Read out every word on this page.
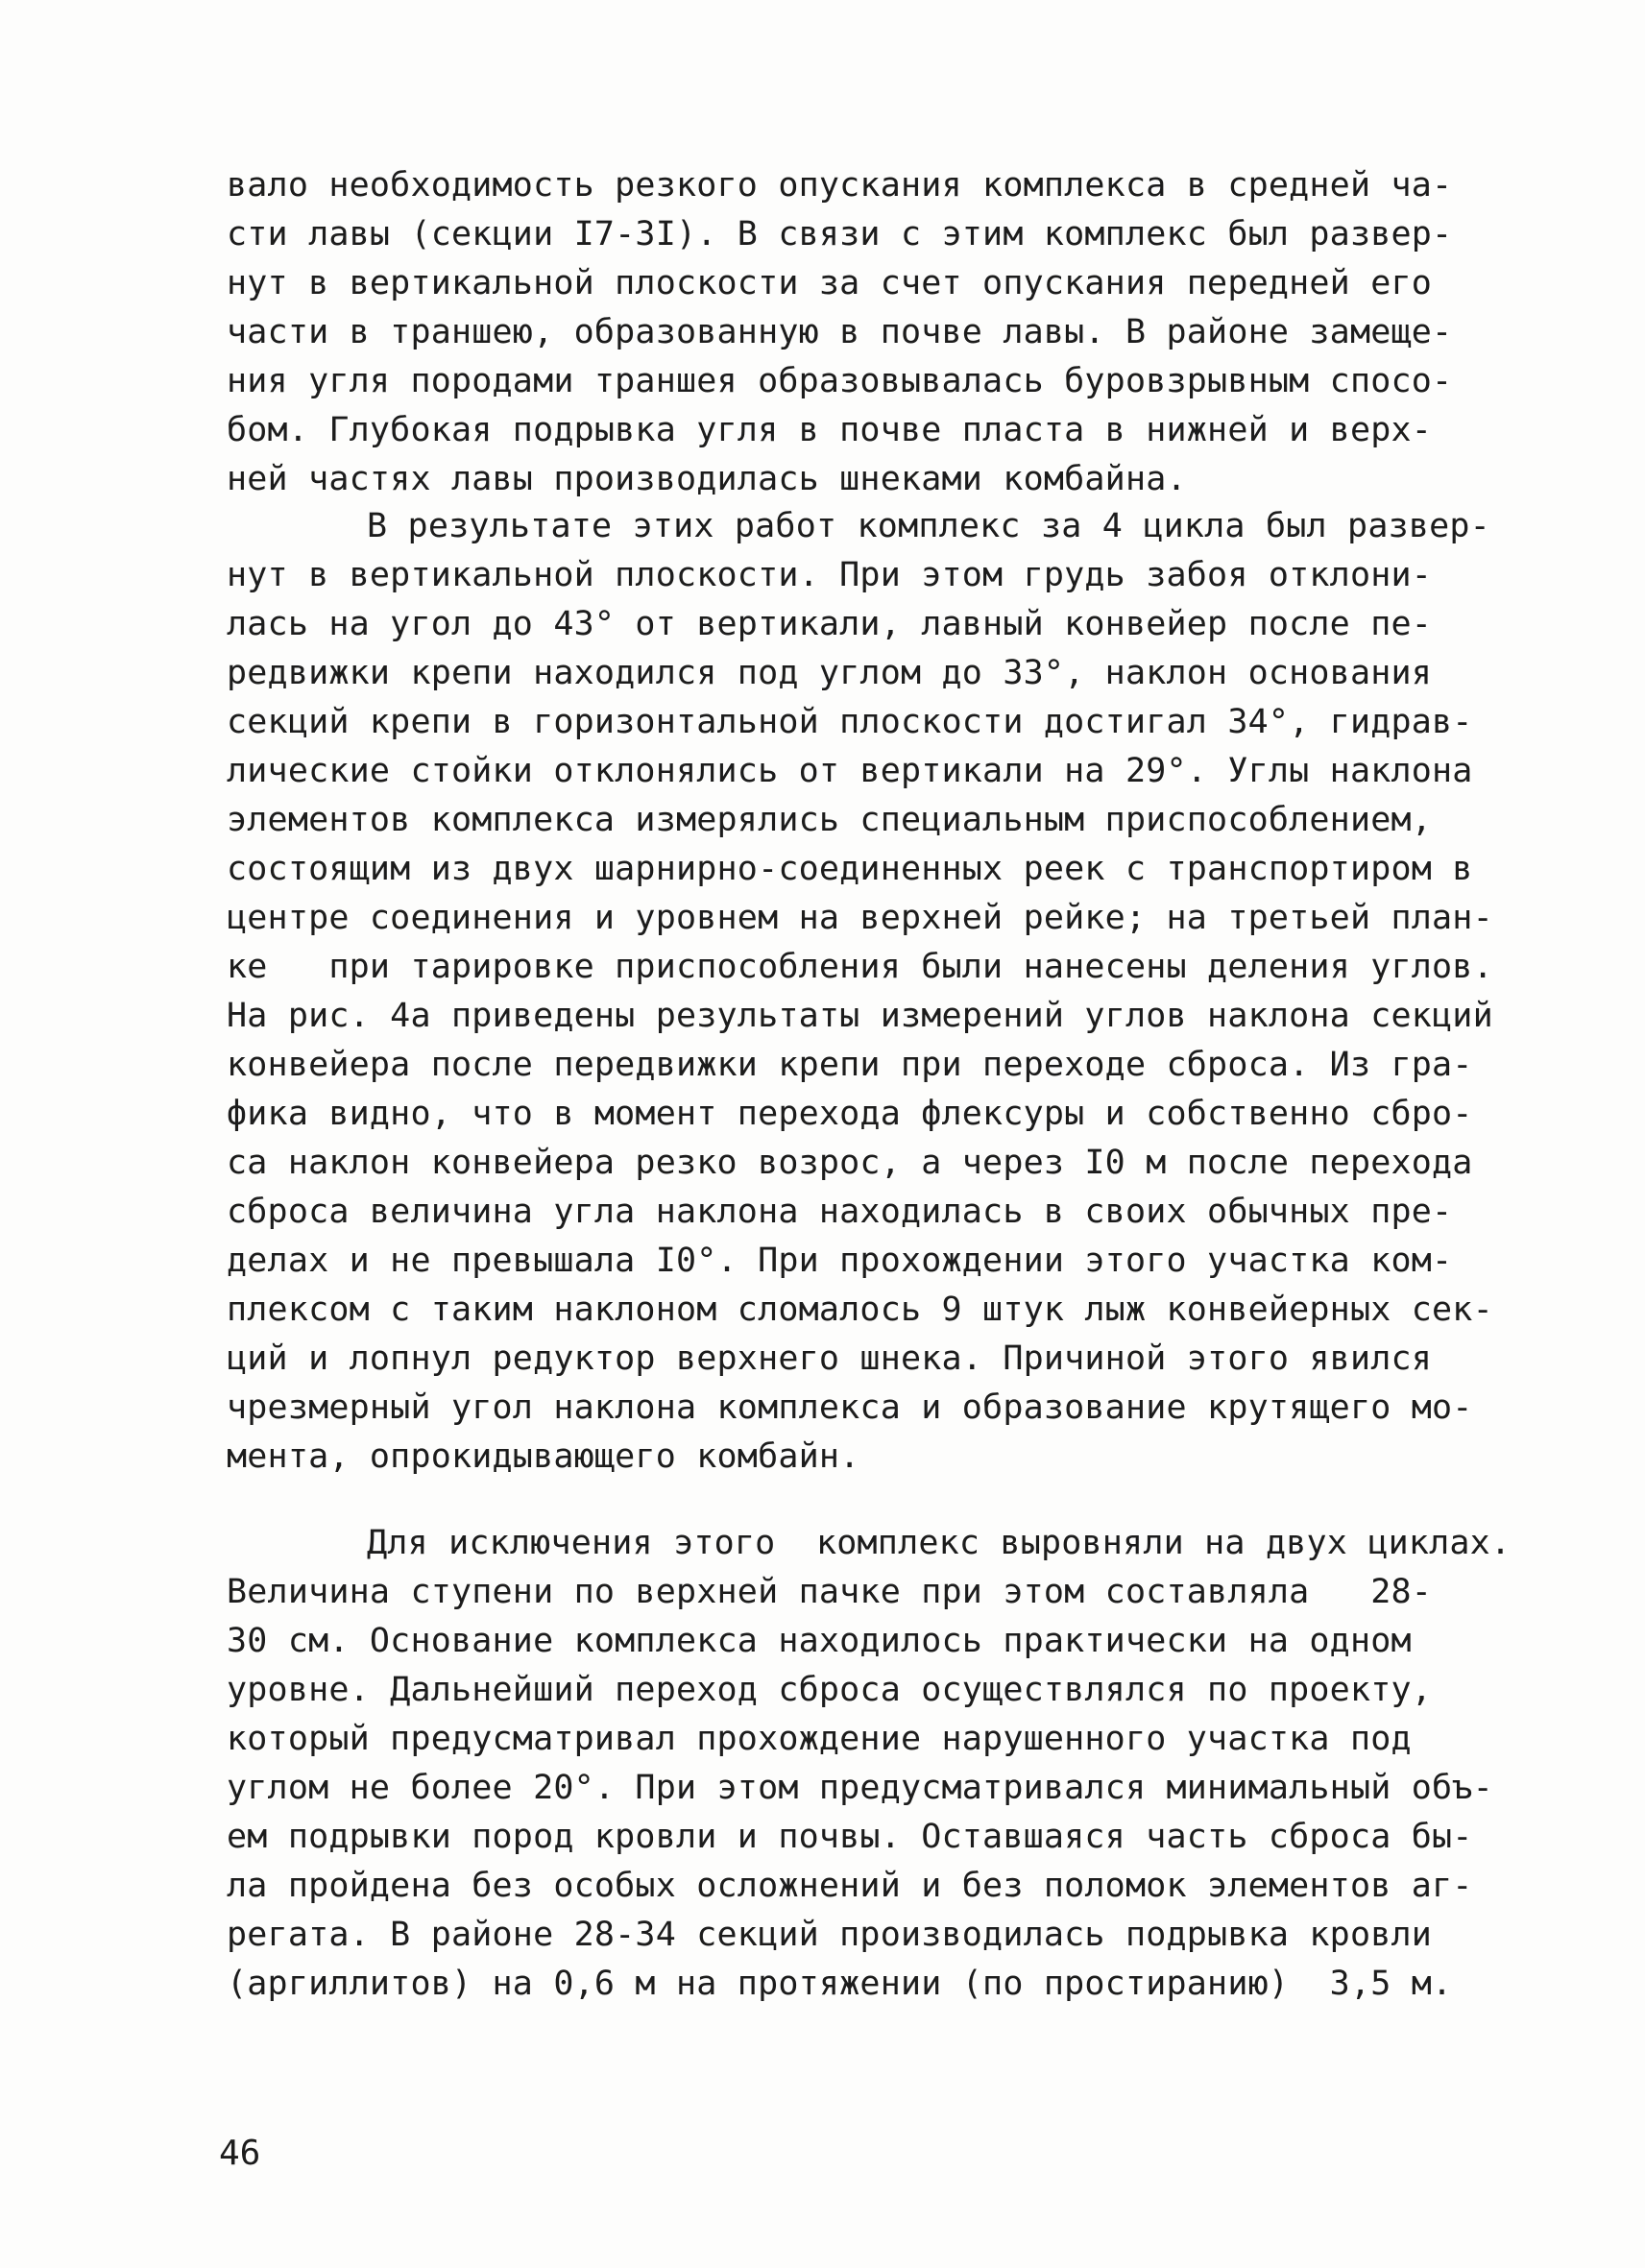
вало необходимость резкого опускания комплекса в средней ча-
сти лавы (секции I7-3I). В связи с этим комплекс был развер-
нут в вертикальной плоскости за счет опускания передней его
части в траншею, образованную в почве лавы. В районе замеще-
ния угля породами траншея образовывалась буровзрывным спосо-
бом. Глубокая подрывка угля в почве пласта в нижней и верх-
ней частях лавы производилась шнеками комбайна.
В результате этих работ комплекс за 4 цикла был развер-
нут в вертикальной плоскости. При этом грудь забоя отклони-
лась на угол до 43° от вертикали, лавный конвейер после пе-
редвижки крепи находился под углом до 33°, наклон основания
секций крепи в горизонтальной плоскости достигал 34°, гидрав-
лические стойки отклонялись от вертикали на 29°. Углы наклона
элементов комплекса измерялись специальным приспособлением,
состоящим из двух шарнирно-соединенных реек с транспортиром в
центре соединения и уровнем на верхней рейке; на третьей план-
ке   при тарировке приспособления были нанесены деления углов.
На рис. 4а приведены результаты измерений углов наклона секций
конвейера после передвижки крепи при переходе сброса. Из гра-
фика видно, что в момент перехода флексуры и собственно сбро-
са наклон конвейера резко возрос, а через I0 м после перехода
сброса величина угла наклона находилась в своих обычных пре-
делах и не превышала I0°. При прохождении этого участка ком-
плексом с таким наклоном сломалось 9 штук лыж конвейерных сек-
ций и лопнул редуктор верхнего шнека. Причиной этого явился
чрезмерный угол наклона комплекса и образование крутящего мо-
мента, опрокидывающего комбайн.
Для исключения этого  комплекс выровняли на двух циклах.
Величина ступени по верхней пачке при этом составляла   28-
30 см. Основание комплекса находилось практически на одном
уровне. Дальнейший переход сброса осуществлялся по проекту,
который предусматривал прохождение нарушенного участка под
углом не более 20°. При этом предусматривался минимальный объ-
ем подрывки пород кровли и почвы. Оставшаяся часть сброса бы-
ла пройдена без особых осложнений и без поломок элементов аг-
регата. В районе 28-34 секций производилась подрывка кровли
(аргиллитов) на 0,6 м на протяжении (по простиранию)  3,5 м.
46
